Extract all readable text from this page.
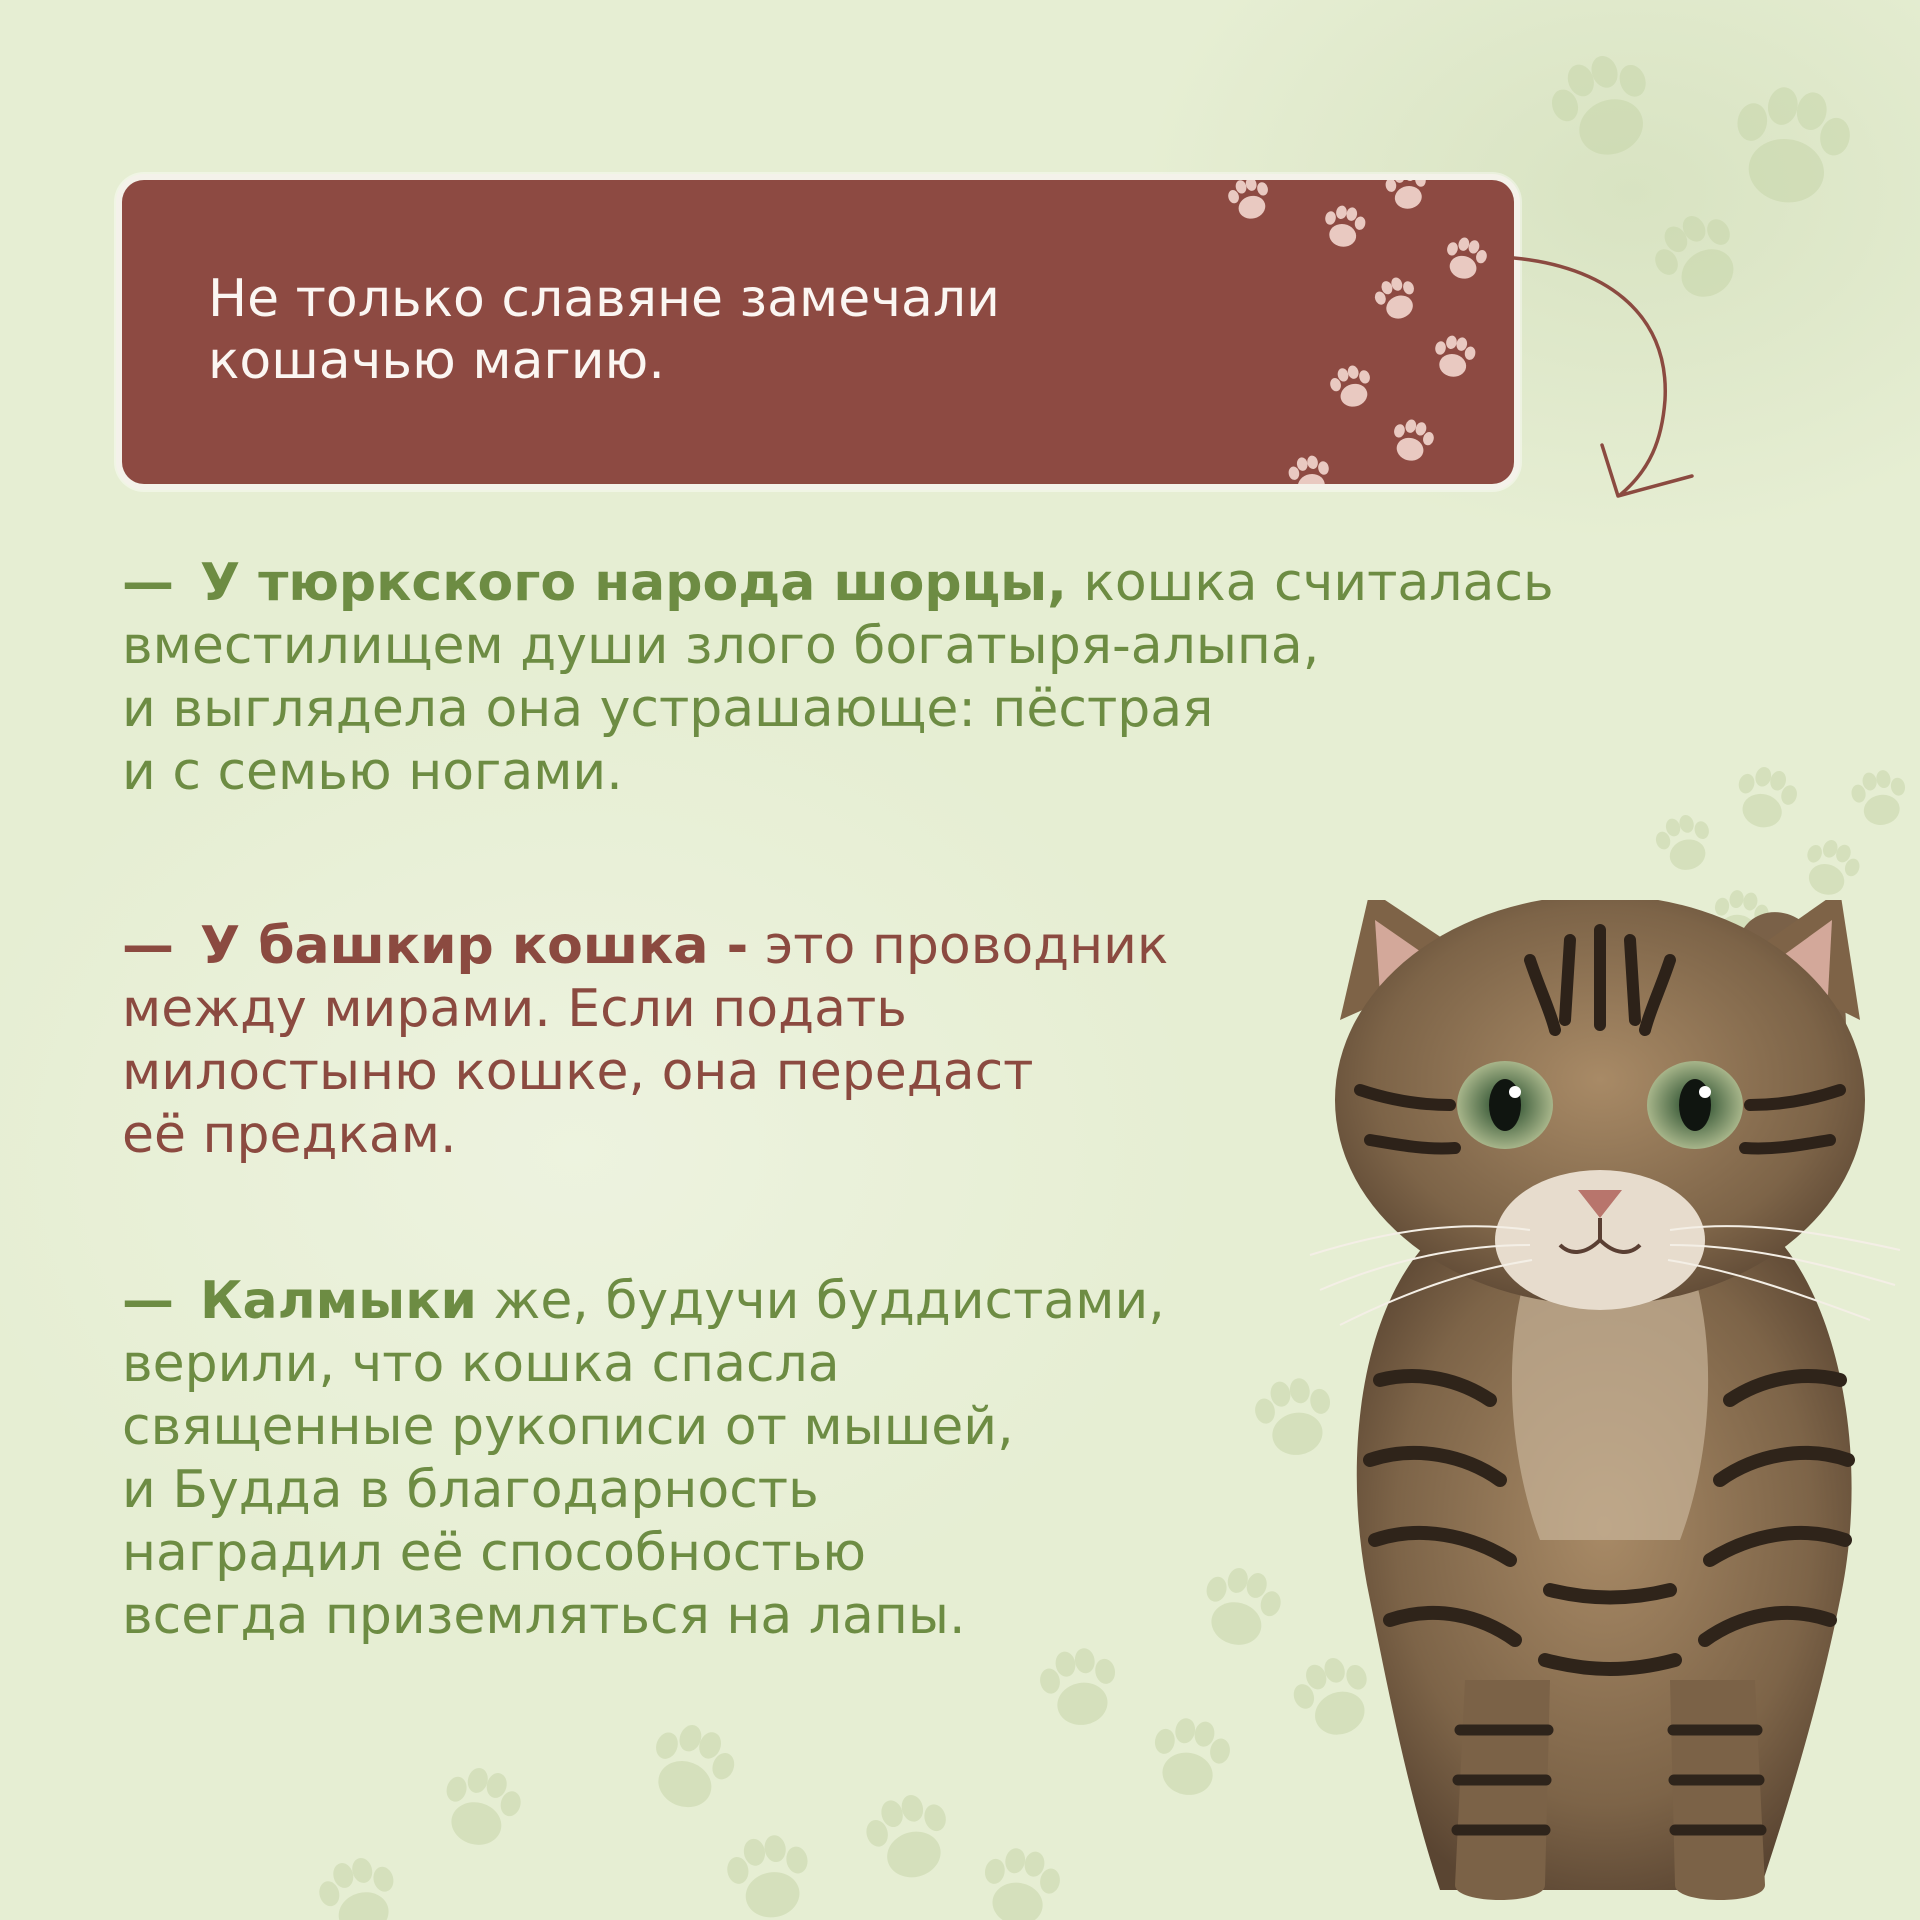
Не только славяне замечали
кошачью магию.
— У тюркского народа шорцы, кошка считалась
вместилищем души злого богатыря-алыпа,
и выглядела она устрашающе: пёстрая
и с семью ногами.
— У башкир кошка - это проводник
между мирами. Если подать
милостыню кошке, она передаст
её предкам.
— Калмыки же, будучи буддистами,
верили, что кошка спасла
священные рукописи от мышей,
и Будда в благодарность
наградил её способностью
всегда приземляться на лапы.
